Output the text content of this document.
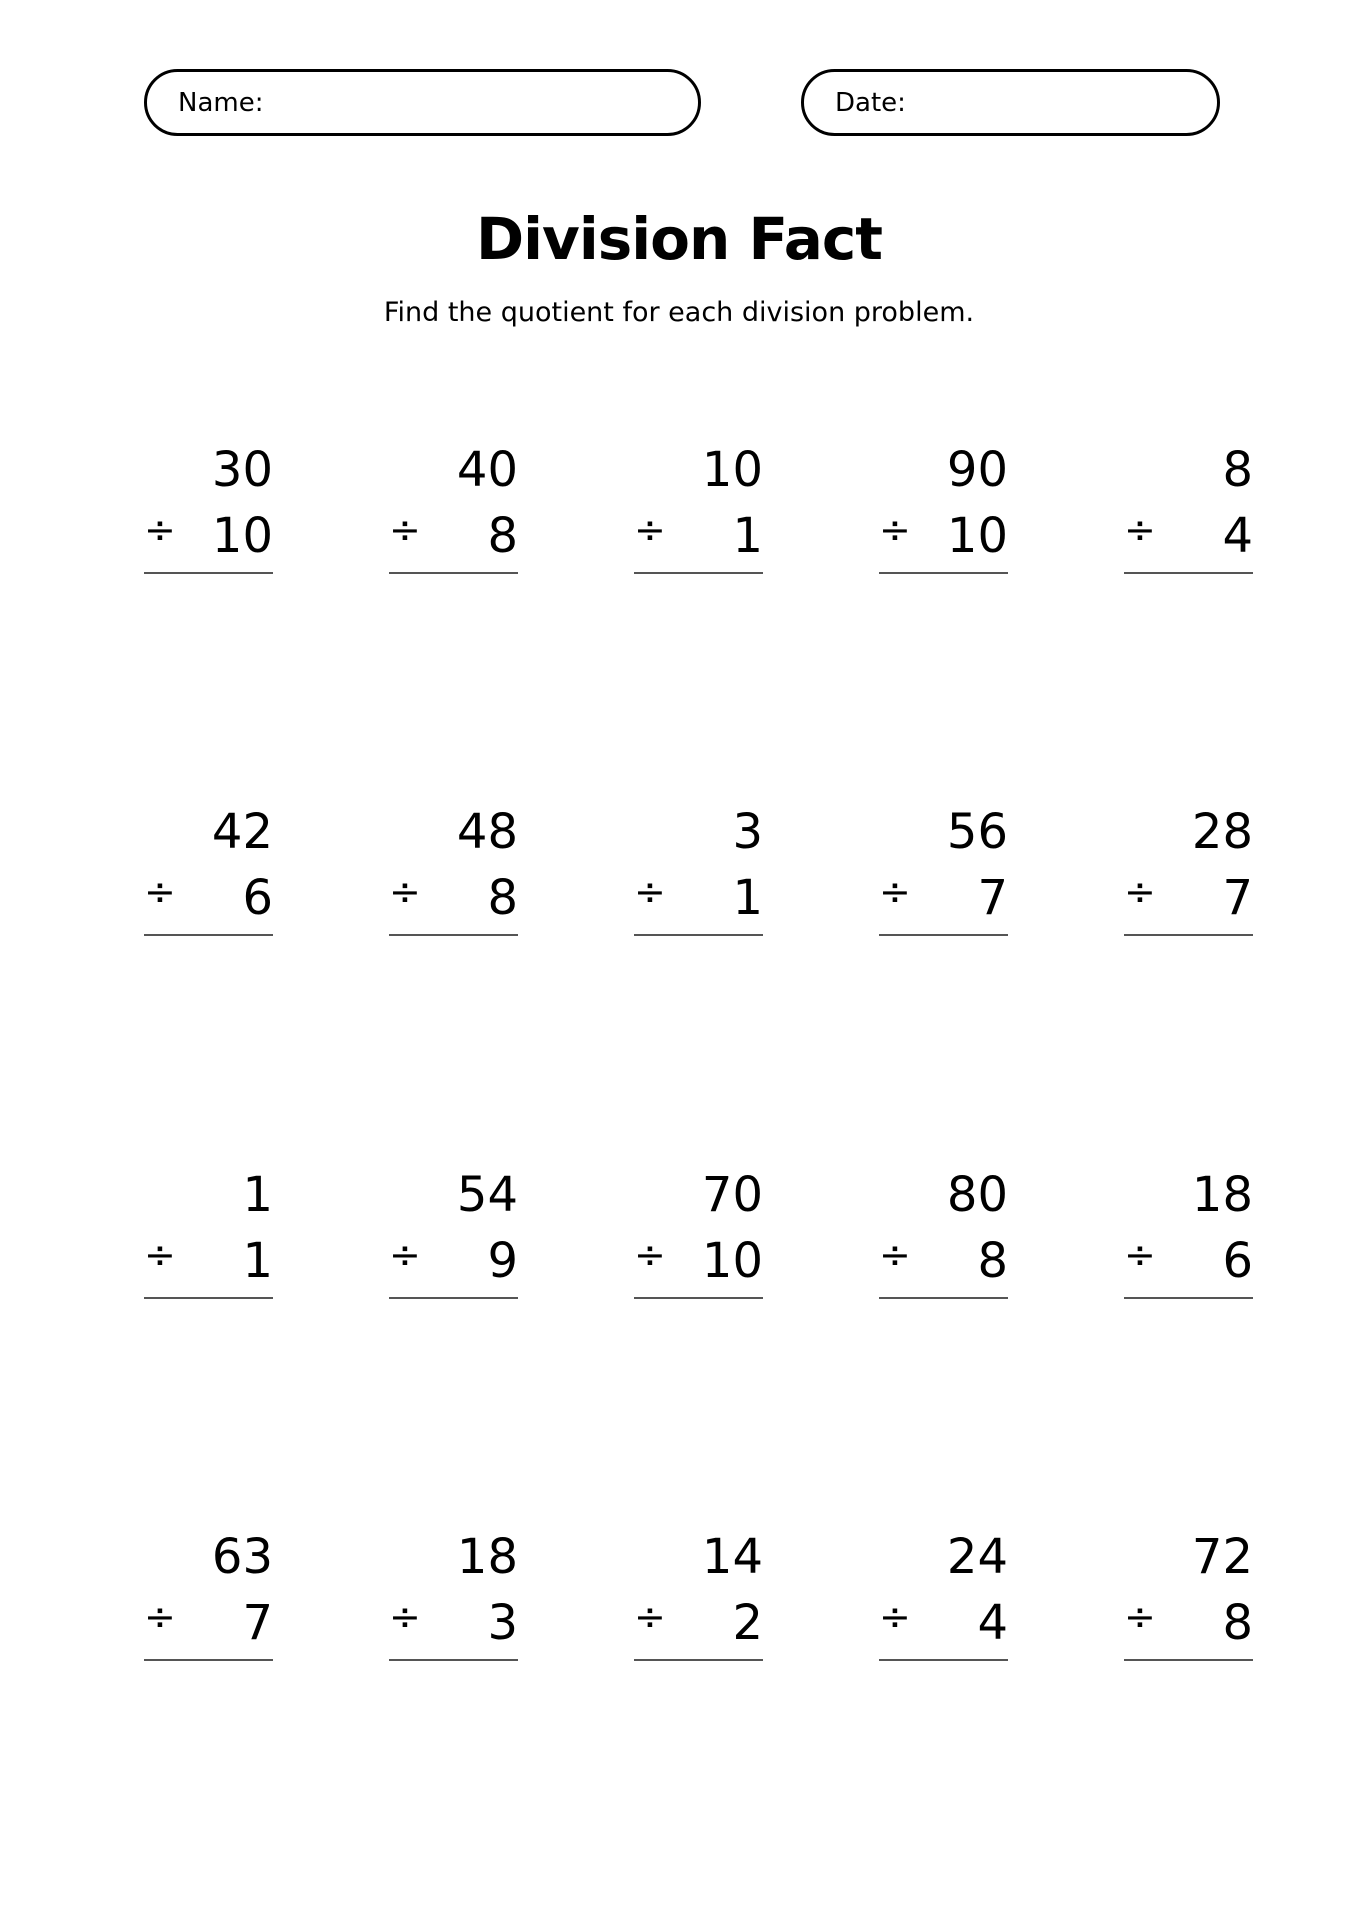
Name:	Date:
Division Fact

Find the quotient for each division problem.

30
÷ 10
40
÷ 8
10
÷ 1
90
÷ 10
8
÷ 4
42
÷ 6
48
÷ 8
3
÷ 1
56
÷ 7
28
÷ 7
1
÷ 1
54
÷ 9
70
÷ 10
80
÷ 8
18
÷ 6
63
÷ 7
18
÷ 3
14
÷ 2
24
÷ 4
72
÷ 8
